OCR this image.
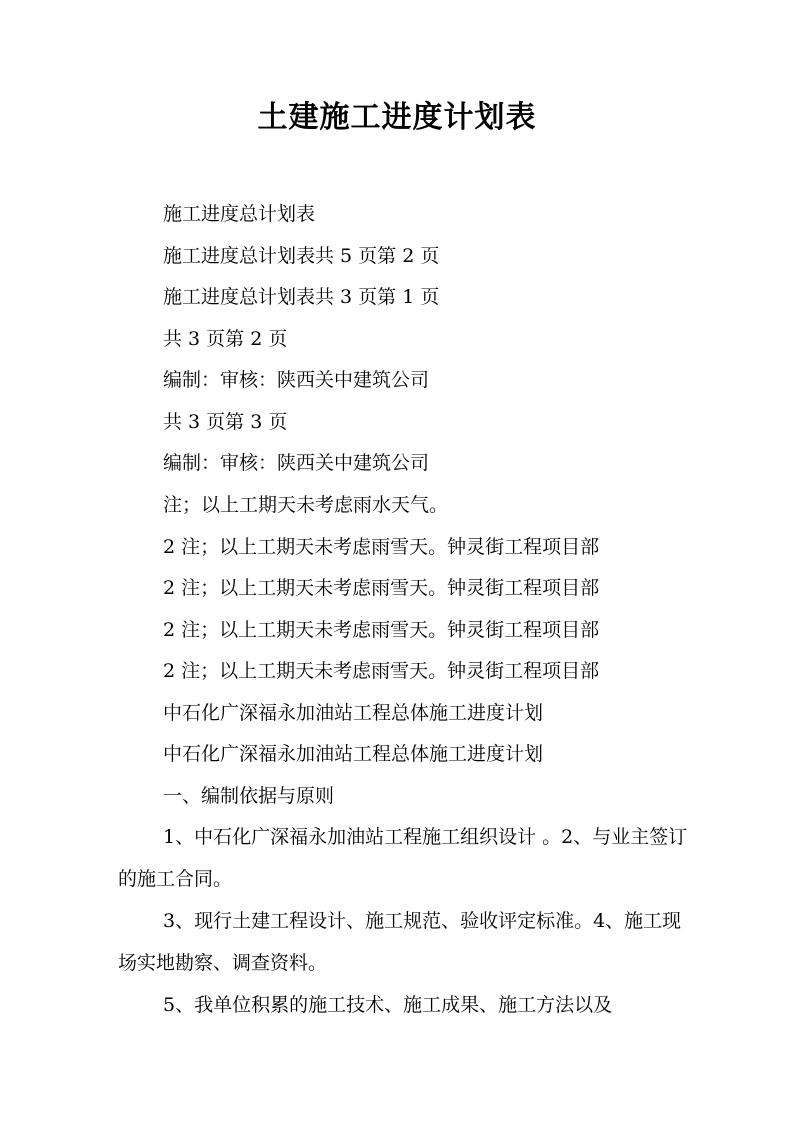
土建施工进度计划表

施工进度总计划表

施工进度总计划表共 5 页第 2 页

施工进度总计划表共 3 页第 1 页

共 3 页第 2 页

编制：审核：陕西关中建筑公司

共 3 页第 3 页

编制：审核：陕西关中建筑公司

注；以上工期天未考虑雨水天气。

2 注；以上工期天未考虑雨雪天。钟灵街工程项目部

2 注；以上工期天未考虑雨雪天。钟灵街工程项目部

2 注；以上工期天未考虑雨雪天。钟灵街工程项目部

2 注；以上工期天未考虑雨雪天。钟灵街工程项目部

中石化广深福永加油站工程总体施工进度计划

中石化广深福永加油站工程总体施工进度计划

一、编制依据与原则

1、中石化广深福永加油站工程施工组织设计 。2、与业主签订的施工合同。

3、现行土建工程设计、施工规范、验收评定标准。4、施工现场实地勘察、调查资料。

5、我单位积累的施工技术、施工成果、施工方法以及
